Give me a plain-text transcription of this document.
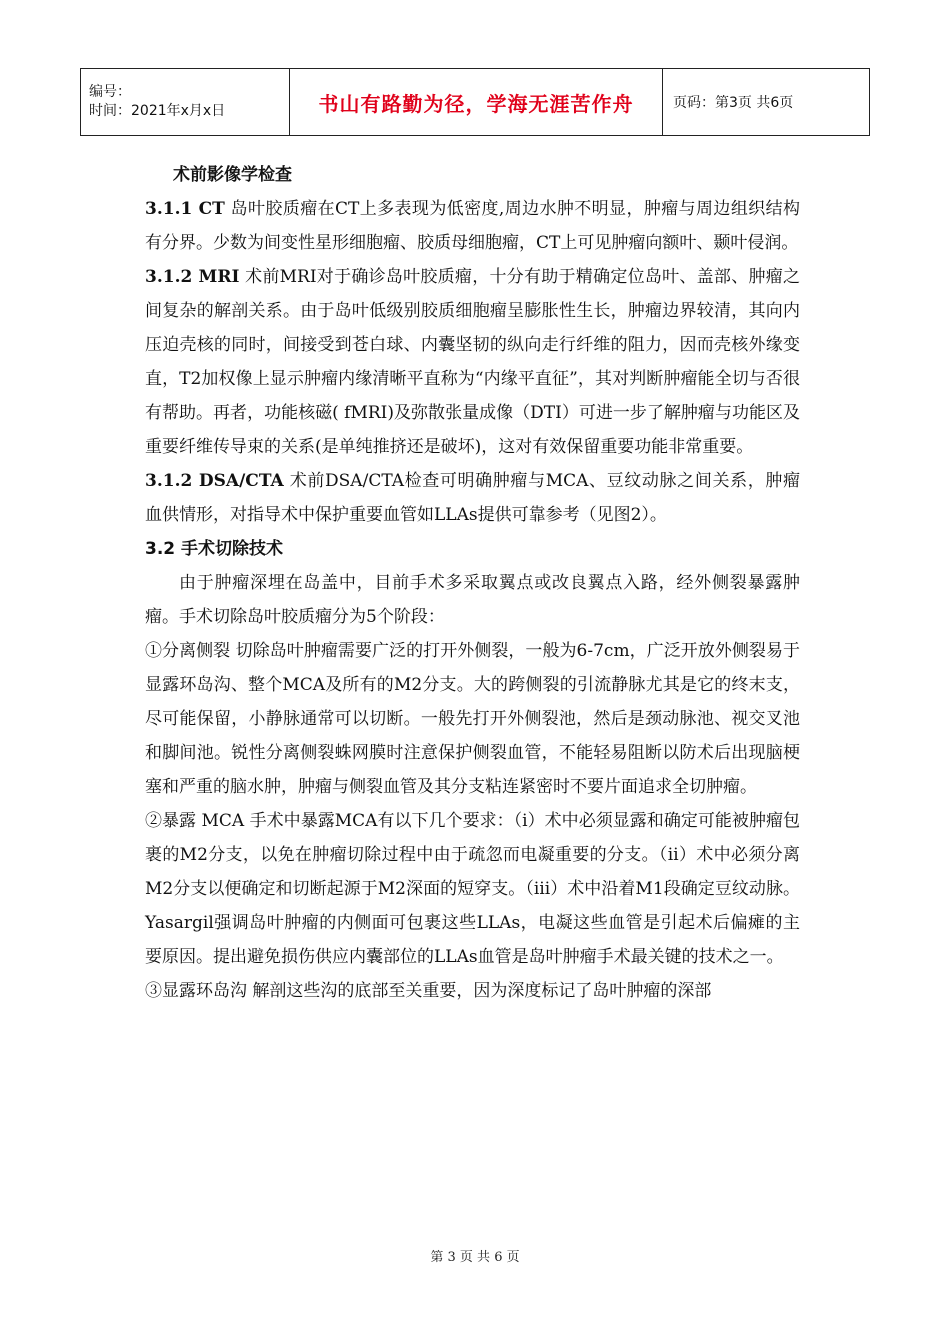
编号：
时间：2021年x月x日	书山有路勤为径，学海无涯苦作舟	页码：第3页 共6页

术前影像学检查

3.1.1 CT 岛叶胶质瘤在CT上多表现为低密度,周边水肿不明显，肿瘤与周边组织结构有分界。少数为间变性星形细胞瘤、胶质母细胞瘤，CT上可见肿瘤向额叶、颞叶侵润。

3.1.2 MRI 术前MRI对于确诊岛叶胶质瘤，十分有助于精确定位岛叶、盖部、肿瘤之间复杂的解剖关系。由于岛叶低级别胶质细胞瘤呈膨胀性生长，肿瘤边界较清，其向内压迫壳核的同时，间接受到苍白球、内囊坚韧的纵向走行纤维的阻力，因而壳核外缘变直，T2加权像上显示肿瘤内缘清晰平直称为“内缘平直征”，其对判断肿瘤能全切与否很有帮助。再者，功能核磁( fMRI)及弥散张量成像（DTI）可进一步了解肿瘤与功能区及重要纤维传导束的关系(是单纯推挤还是破坏)，这对有效保留重要功能非常重要。

3.1.2 DSA/CTA 术前DSA/CTA检查可明确肿瘤与MCA、豆纹动脉之间关系，肿瘤血供情形，对指导术中保护重要血管如LLAs提供可靠参考（见图2）。

3.2 手术切除技术

由于肿瘤深埋在岛盖中，目前手术多采取翼点或改良翼点入路，经外侧裂暴露肿瘤。手术切除岛叶胶质瘤分为5个阶段：

①分离侧裂 切除岛叶肿瘤需要广泛的打开外侧裂，一般为6-7cm，广泛开放外侧裂易于显露环岛沟、整个MCA及所有的M2分支。大的跨侧裂的引流静脉尤其是它的终末支，尽可能保留，小静脉通常可以切断。一般先打开外侧裂池，然后是颈动脉池、视交叉池和脚间池。锐性分离侧裂蛛网膜时注意保护侧裂血管，不能轻易阻断以防术后出现脑梗塞和严重的脑水肿，肿瘤与侧裂血管及其分支粘连紧密时不要片面追求全切肿瘤。

②暴露 MCA 手术中暴露MCA有以下几个要求：（ⅰ）术中必须显露和确定可能被肿瘤包裹的M2分支，以免在肿瘤切除过程中由于疏忽而电凝重要的分支。（ⅱ）术中必须分离M2分支以便确定和切断起源于M2深面的短穿支。（ⅲ）术中沿着M1段确定豆纹动脉。Yasargil强调岛叶肿瘤的内侧面可包裹这些LLAs，电凝这些血管是引起术后偏瘫的主要原因。提出避免损伤供应内囊部位的LLAs血管是岛叶肿瘤手术最关键的技术之一。

③显露环岛沟 解剖这些沟的底部至关重要，因为深度标记了岛叶肿瘤的深部

第 3 页 共 6 页
